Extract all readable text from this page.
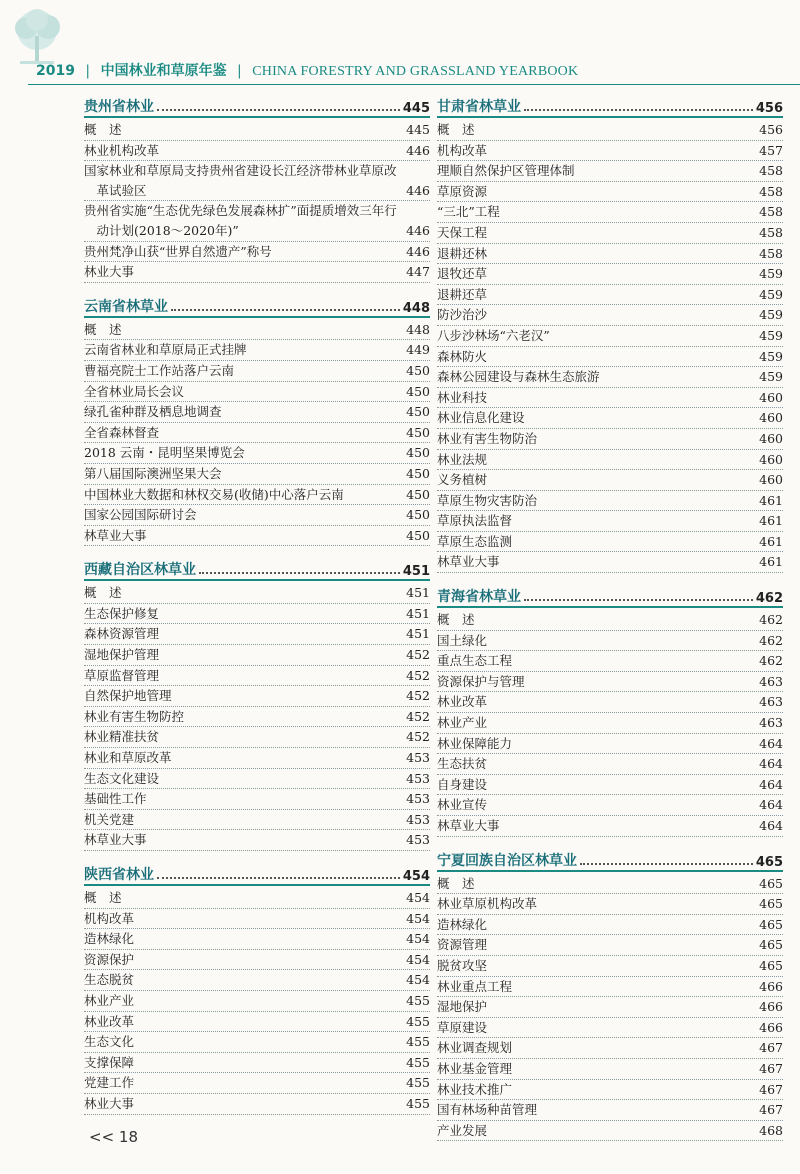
2019 | 中国林业和草原年鉴 | CHINA FORESTRY AND GRASSLAND YEARBOOK
贵州省林业	445
概　述	445
林业机构改革	446
国家林业和草原局支持贵州省建设长江经济带林业草原改革试验区	446
贵州省实施“生态优先绿色发展森林扩”面提质增效三年行动计划(2018～2020年)”	446
贵州梵净山获“世界自然遗产”称号	446
林业大事	447
云南省林草业	448
概　述	448
云南省林业和草原局正式挂牌	449
曹福亮院士工作站落户云南	450
全省林业局长会议	450
绿孔雀种群及栖息地调查	450
全省森林督查	450
2018 云南・昆明坚果博览会	450
第八届国际澳洲坚果大会	450
中国林业大数据和林权交易(收储)中心落户云南	450
国家公园国际研讨会	450
林草业大事	450
西藏自治区林草业	451
概　述	451
生态保护修复	451
森林资源管理	451
湿地保护管理	452
草原监督管理	452
自然保护地管理	452
林业有害生物防控	452
林业精准扶贫	452
林业和草原改革	453
生态文化建设	453
基础性工作	453
机关党建	453
林草业大事	453
陕西省林业	454
概　述	454
机构改革	454
造林绿化	454
资源保护	454
生态脱贫	454
林业产业	455
林业改革	455
生态文化	455
支撑保障	455
党建工作	455
林业大事	455
甘肃省林草业	456
概　述	456
机构改革	457
理顺自然保护区管理体制	458
草原资源	458
“三北”工程	458
天保工程	458
退耕还林	458
退牧还草	459
退耕还草	459
防沙治沙	459
八步沙林场“六老汉”	459
森林防火	459
森林公园建设与森林生态旅游	459
林业科技	460
林业信息化建设	460
林业有害生物防治	460
林业法规	460
义务植树	460
草原生物灾害防治	461
草原执法监督	461
草原生态监测	461
林草业大事	461
青海省林草业	462
概　述	462
国土绿化	462
重点生态工程	462
资源保护与管理	463
林业改革	463
林业产业	463
林业保障能力	464
生态扶贫	464
自身建设	464
林业宣传	464
林草业大事	464
宁夏回族自治区林草业	465
概　述	465
林业草原机构改革	465
造林绿化	465
资源管理	465
脱贫攻坚	465
林业重点工程	466
湿地保护	466
草原建设	466
林业调查规划	467
林业基金管理	467
林业技术推广	467
国有林场种苗管理	467
产业发展	468
<< 18
